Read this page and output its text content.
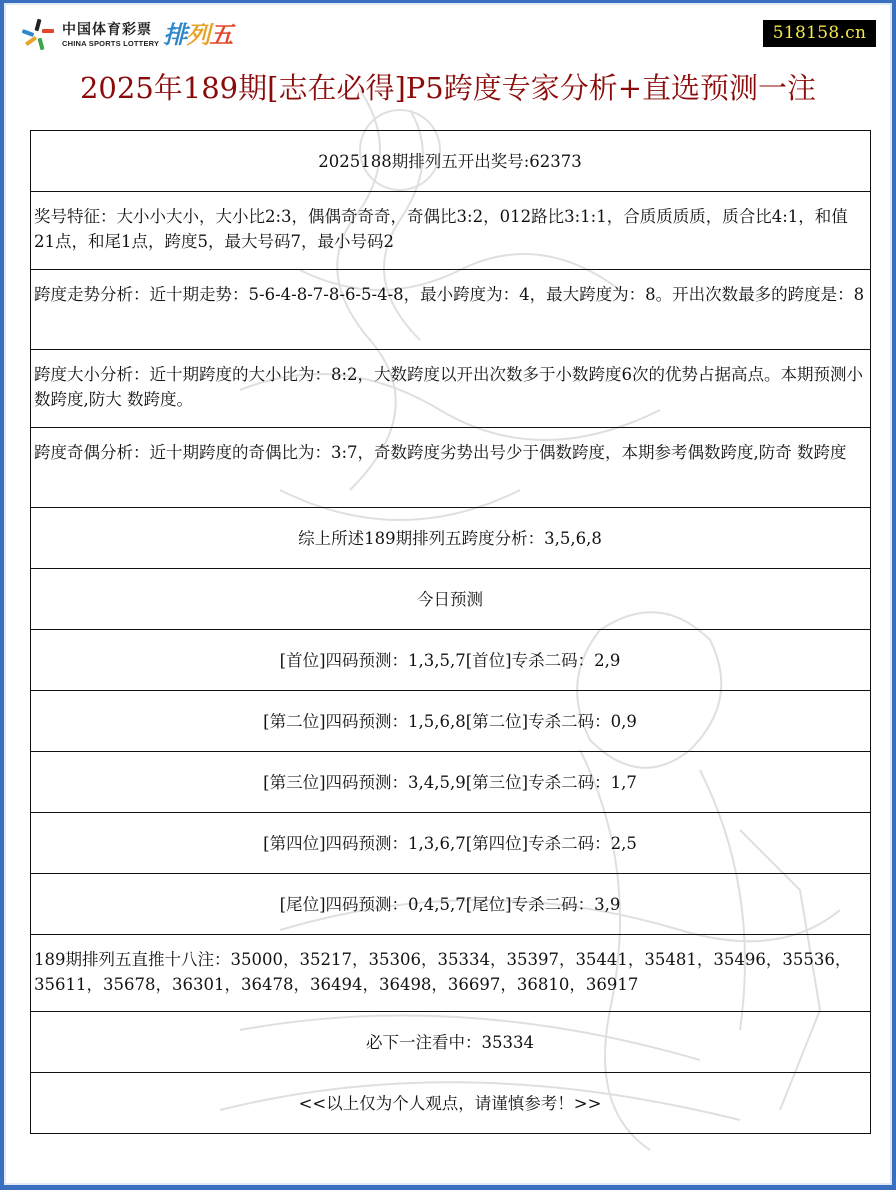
中国体育彩票
CHINA SPORTS LOTTERY 排列五	518158.cn
2025年189期[志在必得]P5跨度专家分析+直选预测一注
2025188期排列五开出奖号:62373
奖号特征：大小小大小，大小比2:3，偶偶奇奇奇，奇偶比3:2，012路比3:1:1，合质质质质，质合比4:1，和值21点，和尾1点，跨度5，最大号码7，最小号码2
跨度走势分析：近十期走势：5-6-4-8-7-8-6-5-4-8，最小跨度为：4，最大跨度为：8。开出次数最多的跨度是：8
跨度大小分析：近十期跨度的大小比为：8:2，大数跨度以开出次数多于小数跨度6次的优势占据高点。本期预测小数跨度,防大 数跨度。
跨度奇偶分析：近十期跨度的奇偶比为：3:7，奇数跨度劣势出号少于偶数跨度，本期参考偶数跨度,防奇 数跨度
综上所述189期排列五跨度分析：3,5,6,8
今日预测
[首位]四码预测：1,3,5,7[首位]专杀二码：2,9
[第二位]四码预测：1,5,6,8[第二位]专杀二码：0,9
[第三位]四码预测：3,4,5,9[第三位]专杀二码：1,7
[第四位]四码预测：1,3,6,7[第四位]专杀二码：2,5
[尾位]四码预测：0,4,5,7[尾位]专杀二码：3,9
189期排列五直推十八注：35000，35217，35306，35334，35397，35441，35481，35496，35536，35611，35678，36301，36478，36494，36498，36697，36810，36917
必下一注看中：35334
<<以上仅为个人观点，请谨慎参考！>>
